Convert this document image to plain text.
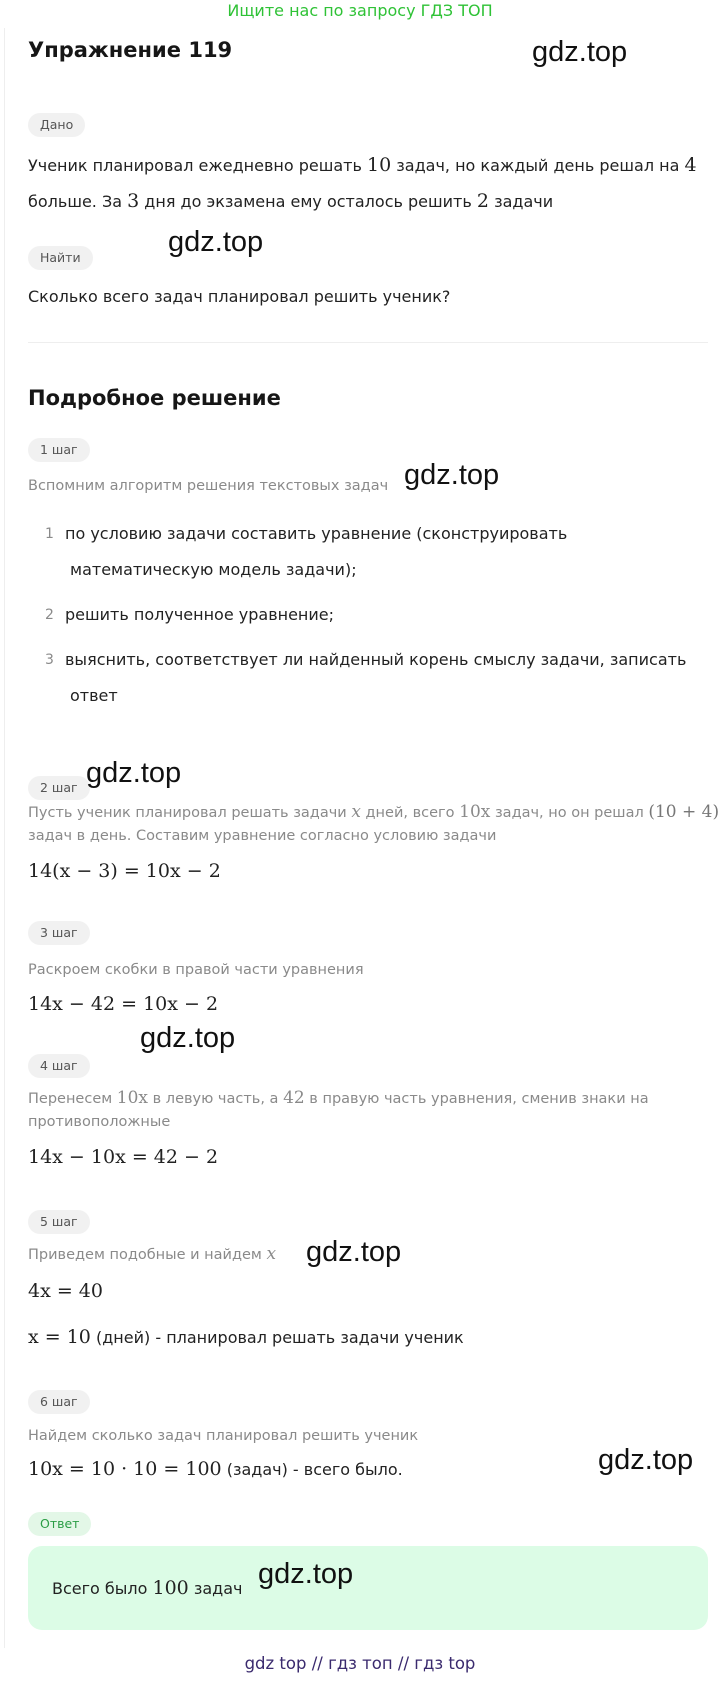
Ищите нас по запросу ГДЗ ТОП
Упражнение 119	gdz.top
Дано
Ученик планировал ежедневно решать 10 задач, но каждый день решал на 4
больше. За 3 дня до экзамена ему осталось решить 2 задачи
Найти	gdz.top
Сколько всего задач планировал решить ученик?
Подробное решение
1 шаг
Вспомним алгоритм решения текстовых задач gdz.top
1 по условию задачи составить уравнение (сконструировать
математическую модель задачи);
2 решить полученное уравнение;
3 выяснить, соответствует ли найденный корень смыслу задачи, записать
ответ
2 шаг gdz.top
Пусть ученик планировал решать задачи x дней, всего 10x задач, но он решал (10 + 4)
задач в день. Составим уравнение согласно условию задачи
14(x − 3) = 10x − 2
3 шаг
Раскроем скобки в правой части уравнения
14x − 42 = 10x − 2
gdz.top
4 шаг
Перенесем 10x в левую часть, а 42 в правую часть уравнения, сменив знаки на
противоположные
14x − 10x = 42 − 2
5 шаг
Приведем подобные и найдем x gdz.top
4x = 40
x = 10 (дней) - планировал решать задачи ученик
6 шаг
Найдем сколько задач планировал решить ученик
10x = 10 · 10 = 100 (задач) - всего было.	gdz.top
Ответ
Всего было 100 задач gdz.top
gdz top // гдз топ // гдз top
